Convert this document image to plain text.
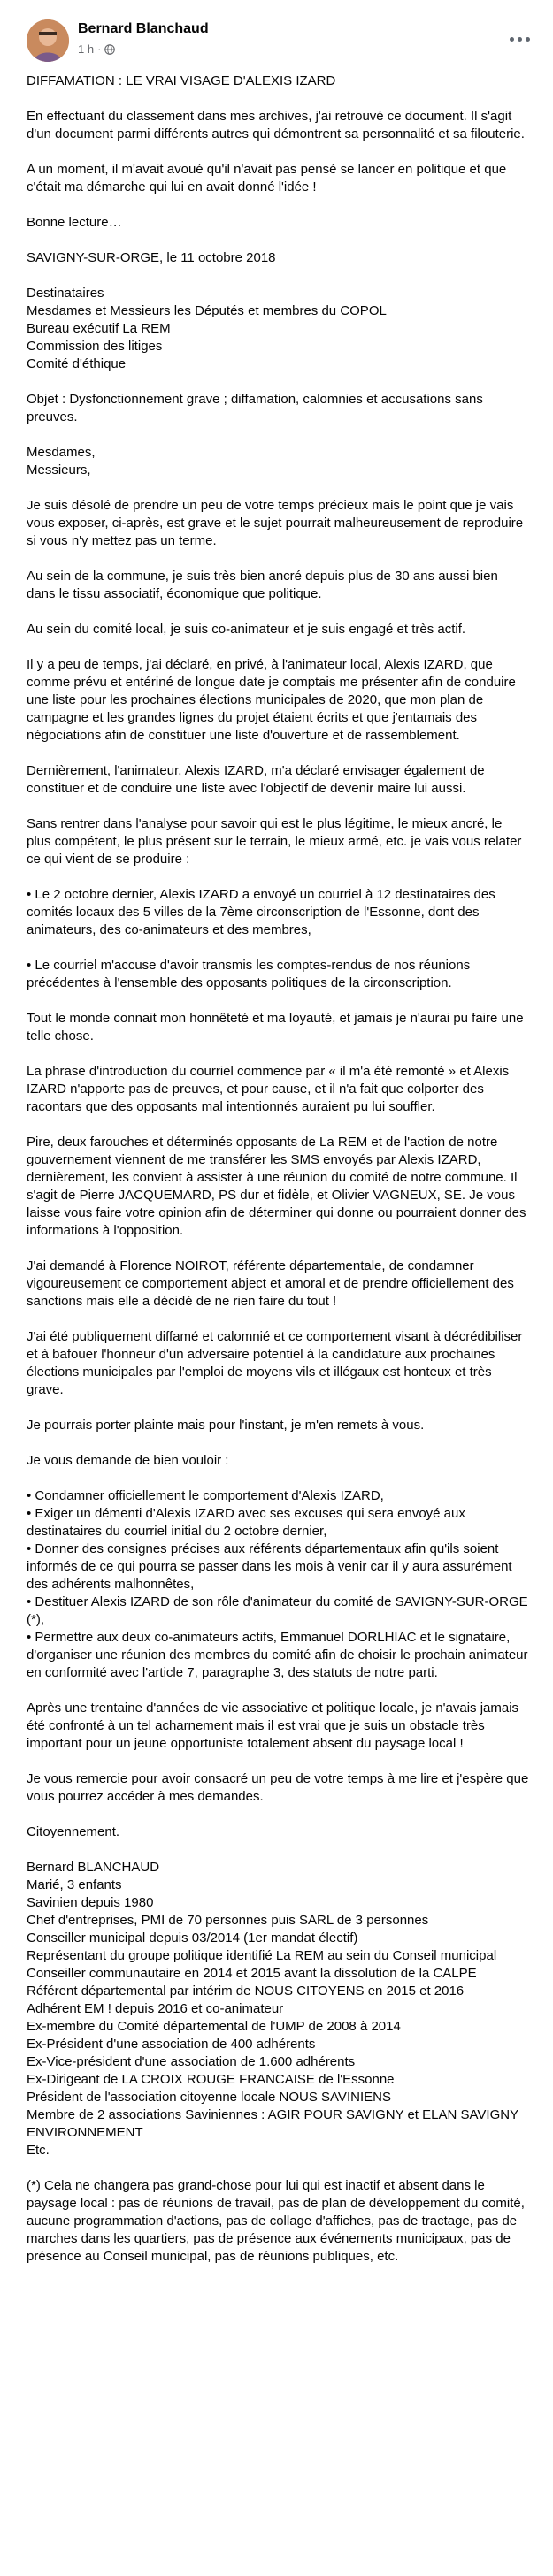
Bernard Blanchaud
1 h ·

DIFFAMATION : LE VRAI VISAGE D'ALEXIS IZARD

En effectuant du classement dans mes archives, j'ai retrouvé ce document. Il s'agit d'un document parmi différents autres qui démontrent sa personnalité et sa filouterie.

A un moment, il m'avait avoué qu'il n'avait pas pensé se lancer en politique et que c'était ma démarche qui lui en avait donné l'idée !

Bonne lecture…

SAVIGNY-SUR-ORGE, le 11 octobre 2018

Destinataires
Mesdames et Messieurs les Députés et membres du COPOL
Bureau exécutif La REM
Commission des litiges
Comité d'éthique

Objet : Dysfonctionnement grave ; diffamation, calomnies et accusations sans preuves.

Mesdames,
Messieurs,

Je suis désolé de prendre un peu de votre temps précieux mais le point que je vais vous exposer, ci-après, est grave et le sujet pourrait malheureusement de reproduire si vous n'y mettez pas un terme.

Au sein de la commune, je suis très bien ancré depuis plus de 30 ans aussi bien dans le tissu associatif, économique que politique.

Au sein du comité local, je suis co-animateur et je suis engagé et très actif.

Il y a peu de temps, j'ai déclaré, en privé, à l'animateur local, Alexis IZARD, que comme prévu et entériné de longue date je comptais me présenter afin de conduire une liste pour les prochaines élections municipales de 2020, que mon plan de campagne et les grandes lignes du projet étaient écrits et que j'entamais des négociations afin de constituer une liste d'ouverture et de rassemblement.

Dernièrement, l'animateur, Alexis IZARD, m'a déclaré envisager également de constituer et de conduire une liste avec l'objectif de devenir maire lui aussi.

Sans rentrer dans l'analyse pour savoir qui est le plus légitime, le mieux ancré, le plus compétent, le plus présent sur le terrain, le mieux armé, etc. je vais vous relater ce qui vient de se produire :

• Le 2 octobre dernier, Alexis IZARD a envoyé un courriel à 12 destinataires des comités locaux des 5 villes de la 7ème circonscription de l'Essonne, dont des animateurs, des co-animateurs et des membres,

• Le courriel m'accuse d'avoir transmis les comptes-rendus de nos réunions précédentes à l'ensemble des opposants politiques de la circonscription.

Tout le monde connait mon honnêteté et ma loyauté, et jamais je n'aurai pu faire une telle chose.

La phrase d'introduction du courriel commence par « il m'a été remonté » et Alexis IZARD n'apporte pas de preuves, et pour cause, et il n'a fait que colporter des racontars que des opposants mal intentionnés auraient pu lui souffler.

Pire, deux farouches et déterminés opposants de La REM et de l'action de notre gouvernement viennent de me transférer les SMS envoyés par Alexis IZARD, dernièrement, les convient à assister à une réunion du comité de notre commune. Il s'agit de Pierre JACQUEMARD, PS dur et fidèle, et Olivier VAGNEUX, SE. Je vous laisse vous faire votre opinion afin de déterminer qui donne ou pourraient donner des informations à l'opposition.

J'ai demandé à Florence NOIROT, référente départementale, de condamner vigoureusement ce comportement abject et amoral et de prendre officiellement des sanctions mais elle a décidé de ne rien faire du tout !

J'ai été publiquement diffamé et calomnié et ce comportement visant à décrédibiliser et à bafouer l'honneur d'un adversaire potentiel à la candidature aux prochaines élections municipales par l'emploi de moyens vils et illégaux est honteux et très grave.

Je pourrais porter plainte mais pour l'instant, je m'en remets à vous.

Je vous demande de bien vouloir :

• Condamner officiellement le comportement d'Alexis IZARD,
• Exiger un démenti d'Alexis IZARD avec ses excuses qui sera envoyé aux destinataires du courriel initial du 2 octobre dernier,
• Donner des consignes précises aux référents départementaux afin qu'ils soient informés de ce qui pourra se passer dans les mois à venir car il y aura assurément des adhérents malhonnêtes,
• Destituer Alexis IZARD de son rôle d'animateur du comité de SAVIGNY-SUR-ORGE (*),
• Permettre aux deux co-animateurs actifs, Emmanuel DORLHIAC et le signataire, d'organiser une réunion des membres du comité afin de choisir le prochain animateur en conformité avec l'article 7, paragraphe 3, des statuts de notre parti.

Après une trentaine d'années de vie associative et politique locale, je n'avais jamais été confronté à un tel acharnement mais il est vrai que je suis un obstacle très important pour un jeune opportuniste totalement absent du paysage local !

Je vous remercie pour avoir consacré un peu de votre temps à me lire et j'espère que vous pourrez accéder à mes demandes.

Citoyennement.

Bernard BLANCHAUD
Marié, 3 enfants
Savinien depuis 1980
Chef d'entreprises, PMI de 70 personnes puis SARL de 3 personnes
Conseiller municipal depuis 03/2014 (1er mandat électif)
Représentant du groupe politique identifié La REM au sein du Conseil municipal
Conseiller communautaire en 2014 et 2015 avant la dissolution de la CALPE
Référent départemental par intérim de NOUS CITOYENS en 2015 et 2016
Adhérent EM ! depuis 2016 et co-animateur
Ex-membre du Comité départemental de l'UMP de 2008 à 2014
Ex-Président d'une association de 400 adhérents
Ex-Vice-président d'une association de 1.600 adhérents
Ex-Dirigeant de LA CROIX ROUGE FRANCAISE de l'Essonne
Président de l'association citoyenne locale NOUS SAVINIENS
Membre de 2 associations Saviniennes : AGIR POUR SAVIGNY et ELAN SAVIGNY ENVIRONNEMENT
Etc.

(*) Cela ne changera pas grand-chose pour lui qui est inactif et absent dans le paysage local : pas de réunions de travail, pas de plan de développement du comité, aucune programmation d'actions, pas de collage d'affiches, pas de tractage, pas de marches dans les quartiers, pas de présence aux événements municipaux, pas de présence au Conseil municipal, pas de réunions publiques, etc.
